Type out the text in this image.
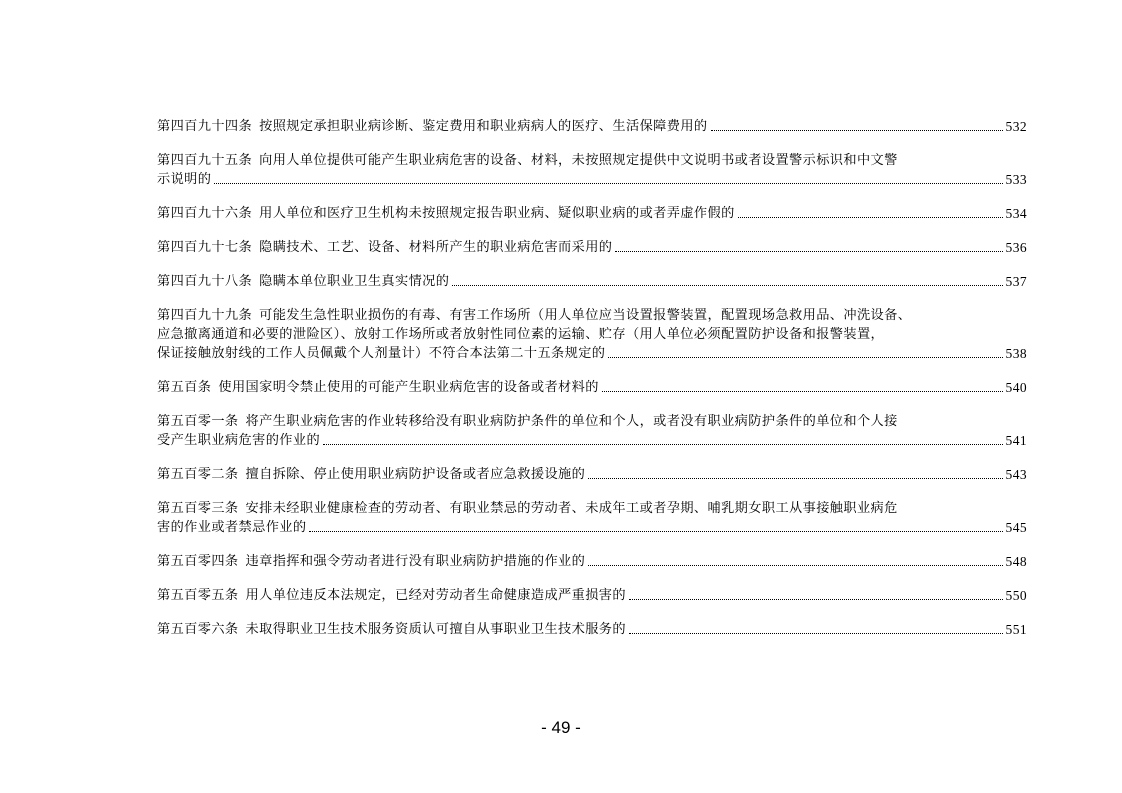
第四百九十四条 按照规定承担职业病诊断、鉴定费用和职业病病人的医疗、生活保障费用的	532
第四百九十五条 向用人单位提供可能产生职业病危害的设备、材料，未按照规定提供中文说明书或者设置警示标识和中文警
示说明的	533
第四百九十六条 用人单位和医疗卫生机构未按照规定报告职业病、疑似职业病的或者弄虚作假的	534
第四百九十七条 隐瞒技术、工艺、设备、材料所产生的职业病危害而采用的	536
第四百九十八条 隐瞒本单位职业卫生真实情况的	537
第四百九十九条 可能发生急性职业损伤的有毒、有害工作场所（用人单位应当设置报警装置，配置现场急救用品、冲洗设备、
应急撤离通道和必要的泄险区）、放射工作场所或者放射性同位素的运输、贮存（用人单位必须配置防护设备和报警装置，
保证接触放射线的工作人员佩戴个人剂量计）不符合本法第二十五条规定的	538
第五百条 使用国家明令禁止使用的可能产生职业病危害的设备或者材料的	540
第五百零一条 将产生职业病危害的作业转移给没有职业病防护条件的单位和个人，或者没有职业病防护条件的单位和个人接
受产生职业病危害的作业的	541
第五百零二条 擅自拆除、停止使用职业病防护设备或者应急救援设施的	543
第五百零三条 安排未经职业健康检查的劳动者、有职业禁忌的劳动者、未成年工或者孕期、哺乳期女职工从事接触职业病危
害的作业或者禁忌作业的	545
第五百零四条 违章指挥和强令劳动者进行没有职业病防护措施的作业的	548
第五百零五条 用人单位违反本法规定，已经对劳动者生命健康造成严重损害的	550
第五百零六条 未取得职业卫生技术服务资质认可擅自从事职业卫生技术服务的	551
- 49 -
